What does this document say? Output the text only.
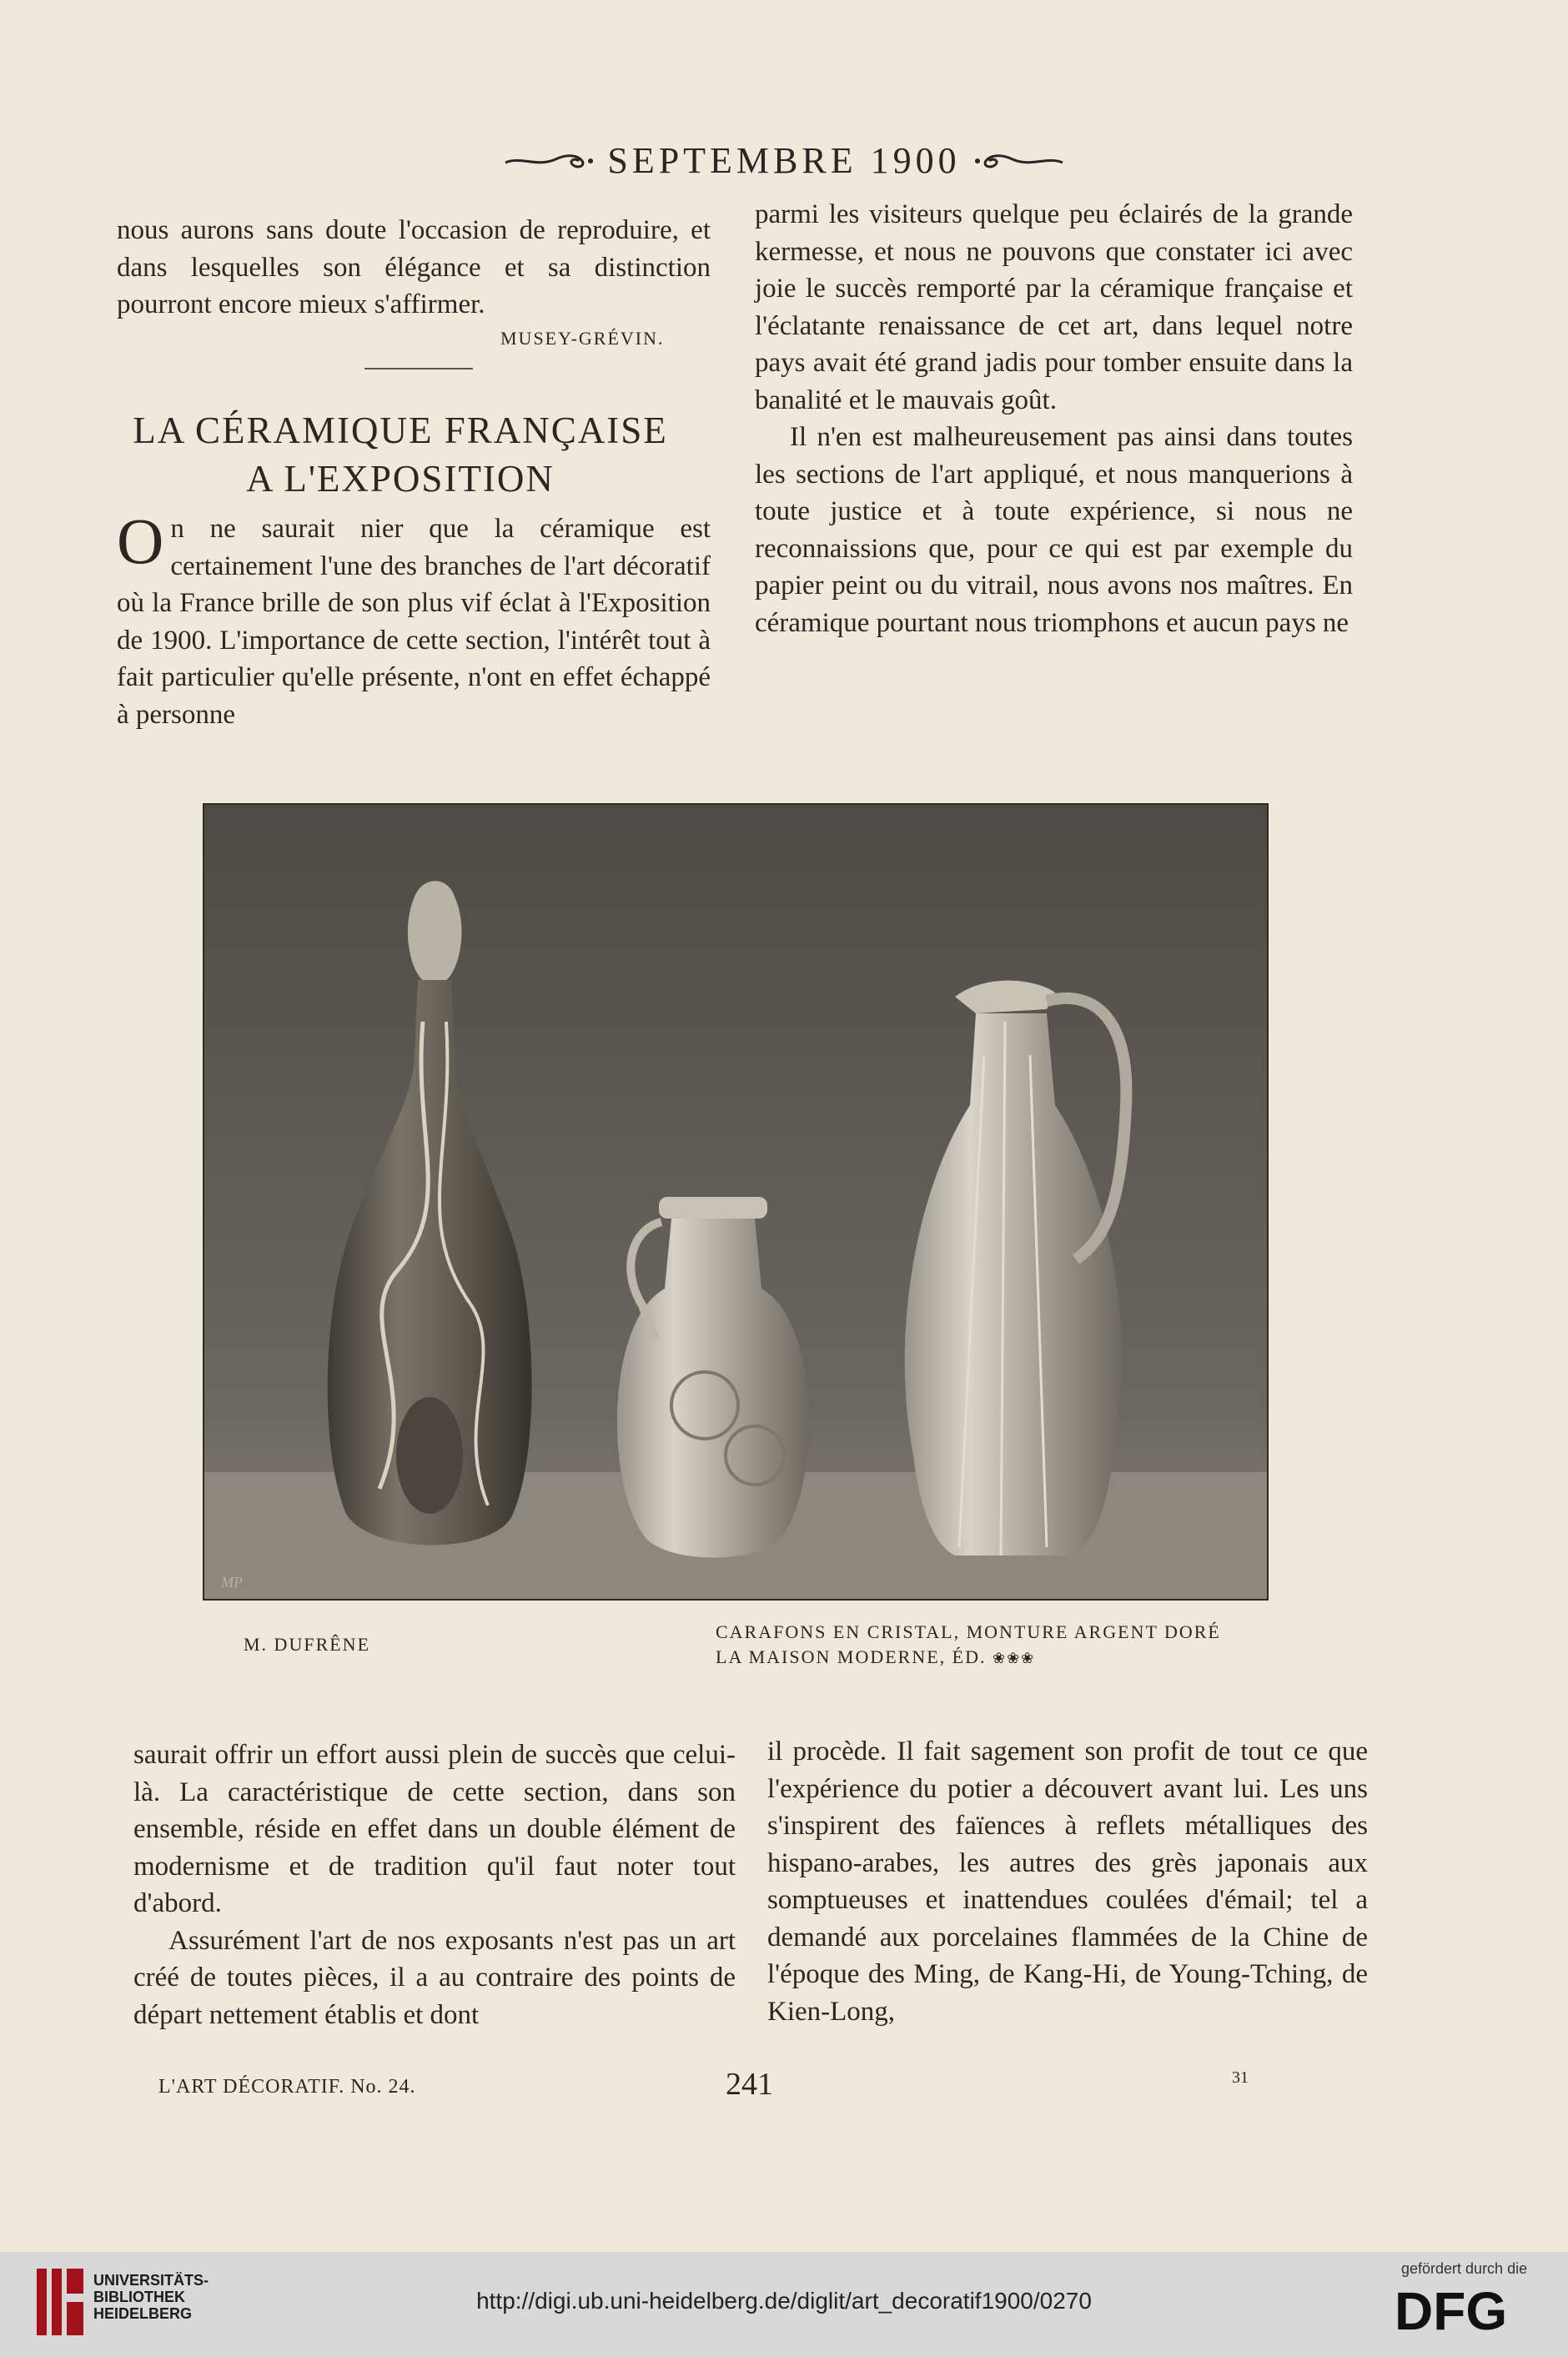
SEPTEMBRE 1900

nous aurons sans doute l'occasion de reproduire, et dans lesquelles son élégance et sa distinction pourront encore mieux s'affirmer.

MUSEY-GRÉVIN.
LA CÉRAMIQUE FRANÇAISE
A L'EXPOSITION

On ne saurait nier que la céramique est certainement l'une des branches de l'art décoratif où la France brille de son plus vif éclat à l'Exposition de 1900. L'importance de cette section, l'intérêt tout à fait particulier qu'elle présente, n'ont en effet échappé à personne

parmi les visiteurs quelque peu éclairés de la grande kermesse, et nous ne pouvons que constater ici avec joie le succès remporté par la céramique française et l'éclatante renaissance de cet art, dans lequel notre pays avait été grand jadis pour tomber ensuite dans la banalité et le mauvais goût.

Il n'en est malheureusement pas ainsi dans toutes les sections de l'art appliqué, et nous manquerions à toute justice et à toute expérience, si nous ne reconnaissions que, pour ce qui est par exemple du papier peint ou du vitrail, nous avons nos maîtres. En céramique pourtant nous triomphons et aucun pays ne

MP
M. DUFRÊNE
CARAFONS EN CRISTAL, MONTURE ARGENT DORÉ
LA MAISON MODERNE, ÉD. ❀❀❀

saurait offrir un effort aussi plein de succès que celui-là. La caractéristique de cette section, dans son ensemble, réside en effet dans un double élément de modernisme et de tradition qu'il faut noter tout d'abord.

Assurément l'art de nos exposants n'est pas un art créé de toutes pièces, il a au contraire des points de départ nettement établis et dont

il procède. Il fait sagement son profit de tout ce que l'expérience du potier a découvert avant lui. Les uns s'inspirent des faïences à reflets métalliques des hispano-arabes, les autres des grès japonais aux somptueuses et inattendues coulées d'émail; tel a demandé aux porcelaines flammées de la Chine de l'époque des Ming, de Kang-Hi, de Young-Tching, de Kien-Long,

L'ART DÉCORATIF. No. 24.	241	31
UNIVERSITÄTS-
BIBLIOTHEK
HEIDELBERG	http://digi.ub.uni-heidelberg.de/diglit/art_decoratif1900/0270
gefördert durch die
DFG
